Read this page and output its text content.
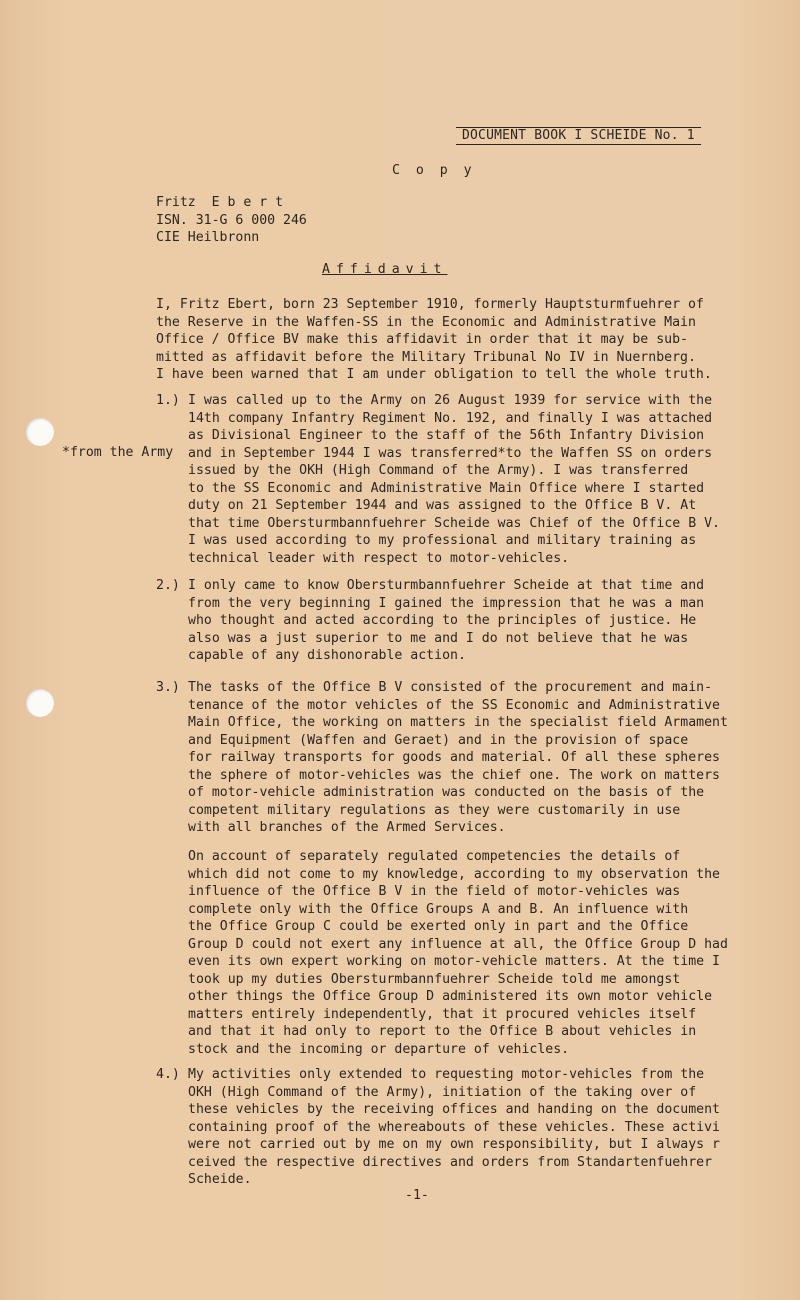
DOCUMENT BOOK I SCHEIDE No. 1
C o p y
Fritz  E b e r t
ISN. 31-G 6 000 246
CIE Heilbronn
Affidavit
I, Fritz Ebert, born 23 September 1910, formerly Hauptsturmfuehrer of
the Reserve in the Waffen-SS in the Economic and Administrative Main
Office / Office BV make this affidavit in order that it may be sub-
mitted as affidavit before the Military Tribunal No IV in Nuernberg.
I have been warned that I am under obligation to tell the whole truth.
*from the Army
1.) I was called up to the Army on 26 August 1939 for service with the
14th company Infantry Regiment No. 192, and finally I was attached
as Divisional Engineer to the staff of the 56th Infantry Division
and in September 1944 I was transferred*to the Waffen SS on orders
issued by the OKH (High Command of the Army). I was transferred
to the SS Economic and Administrative Main Office where I started
duty on 21 September 1944 and was assigned to the Office B V. At
that time Obersturmbannfuehrer Scheide was Chief of the Office B V.
I was used according to my professional and military training as
technical leader with respect to motor-vehicles.
2.) I only came to know Obersturmbannfuehrer Scheide at that time and
from the very beginning I gained the impression that he was a man
who thought and acted according to the principles of justice. He
also was a just superior to me and I do not believe that he was
capable of any dishonorable action.
3.) The tasks of the Office B V consisted of the procurement and main-
tenance of the motor vehicles of the SS Economic and Administrative
Main Office, the working on matters in the specialist field Armament
and Equipment (Waffen and Geraet) and in the provision of space
for railway transports for goods and material. Of all these spheres
the sphere of motor-vehicles was the chief one. The work on matters
of motor-vehicle administration was conducted on the basis of the
competent military regulations as they were customarily in use
with all branches of the Armed Services.
On account of separately regulated competencies the details of
which did not come to my knowledge, according to my observation the
influence of the Office B V in the field of motor-vehicles was
complete only with the Office Groups A and B. An influence with
the Office Group C could be exerted only in part and the Office
Group D could not exert any influence at all, the Office Group D had
even its own expert working on motor-vehicle matters. At the time I
took up my duties Obersturmbannfuehrer Scheide told me amongst
other things the Office Group D administered its own motor vehicle
matters entirely independently, that it procured vehicles itself
and that it had only to report to the Office B about vehicles in
stock and the incoming or departure of vehicles.
4.) My activities only extended to requesting motor-vehicles from the
OKH (High Command of the Army), initiation of the taking over of
these vehicles by the receiving offices and handing on the document
containing proof of the whereabouts of these vehicles. These activi
were not carried out by me on my own responsibility, but I always r
ceived the respective directives and orders from Standartenfuehrer
Scheide.
-1-
